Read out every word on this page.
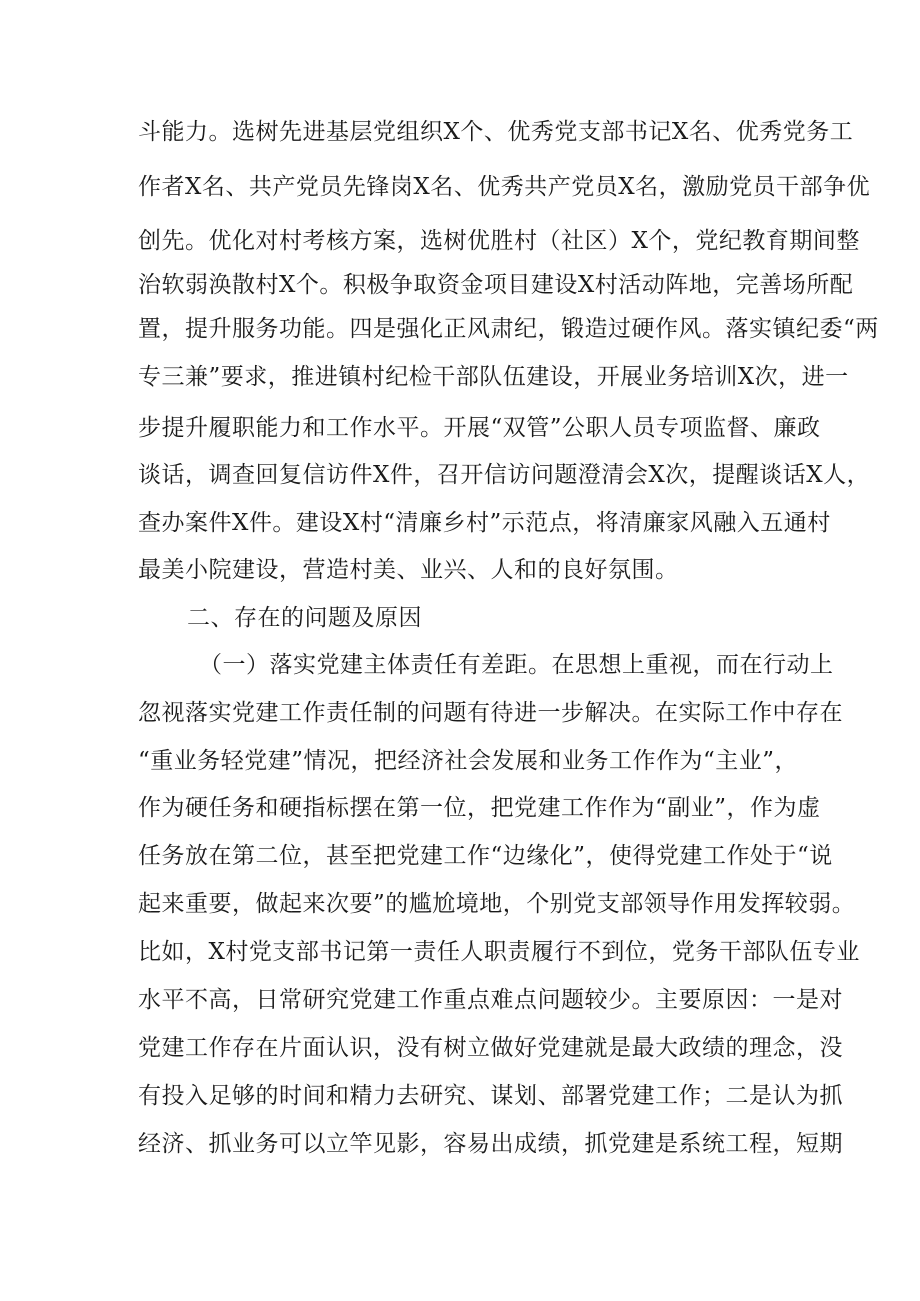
斗能力。选树先进基层党组织X个、优秀党支部书记X名、优秀党务工
作者X名、共产党员先锋岗X名、优秀共产党员X名，激励党员干部争优
创先。优化对村考核方案，选树优胜村（社区）X个，党纪教育期间整
治软弱涣散村X个。积极争取资金项目建设X村活动阵地，完善场所配
置，提升服务功能。四是强化正风肃纪，锻造过硬作风。落实镇纪委“两
专三兼”要求，推进镇村纪检干部队伍建设，开展业务培训X次，进一
步提升履职能力和工作水平。开展“双管”公职人员专项监督、廉政
谈话，调查回复信访件X件，召开信访问题澄清会X次，提醒谈话X人，
查办案件X件。建设X村“清廉乡村”示范点，将清廉家风融入五通村
最美小院建设，营造村美、业兴、人和的良好氛围。
二、存在的问题及原因
（一）落实党建主体责任有差距。在思想上重视，而在行动上
忽视落实党建工作责任制的问题有待进一步解决。在实际工作中存在
“重业务轻党建”情况，把经济社会发展和业务工作作为“主业”，
作为硬任务和硬指标摆在第一位，把党建工作作为“副业”，作为虚
任务放在第二位，甚至把党建工作“边缘化”，使得党建工作处于“说
起来重要，做起来次要”的尴尬境地，个别党支部领导作用发挥较弱。
比如，X村党支部书记第一责任人职责履行不到位，党务干部队伍专业
水平不高，日常研究党建工作重点难点问题较少。主要原因：一是对
党建工作存在片面认识，没有树立做好党建就是最大政绩的理念，没
有投入足够的时间和精力去研究、谋划、部署党建工作；二是认为抓
经济、抓业务可以立竿见影，容易出成绩，抓党建是系统工程，短期
